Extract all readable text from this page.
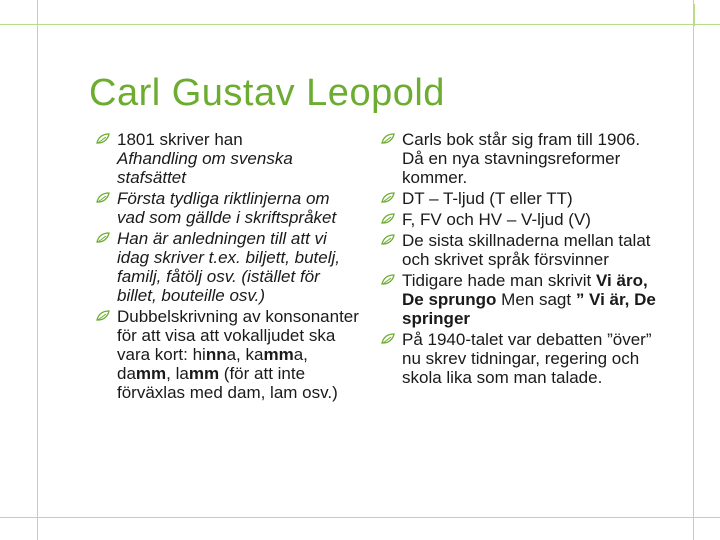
Carl Gustav Leopold
1801 skriver han
Afhandling om svenska stafsättet
Första tydliga riktlinjerna om vad som gällde i skriftspråket
Han är anledningen till att vi idag skriver t.ex. biljett, butelj, familj, fåtölj osv. (istället för billet, bouteille osv.)
Dubbelskrivning av konsonanter för att visa att vokalljudet ska vara kort: hinna, kamma, damm, lamm (för att inte förväxlas med dam, lam osv.)
Carls bok står sig fram till 1906. Då en nya stavningsreformer kommer.
DT – T-ljud (T eller TT)
F, FV och HV – V-ljud (V)
De sista skillnaderna mellan talat och skrivet språk försvinner
Tidigare hade man skrivit Vi äro, De sprungo Men sagt ” Vi är, De springer
På 1940-talet var debatten ”över” nu skrev tidningar, regering och skola lika som man talade.
